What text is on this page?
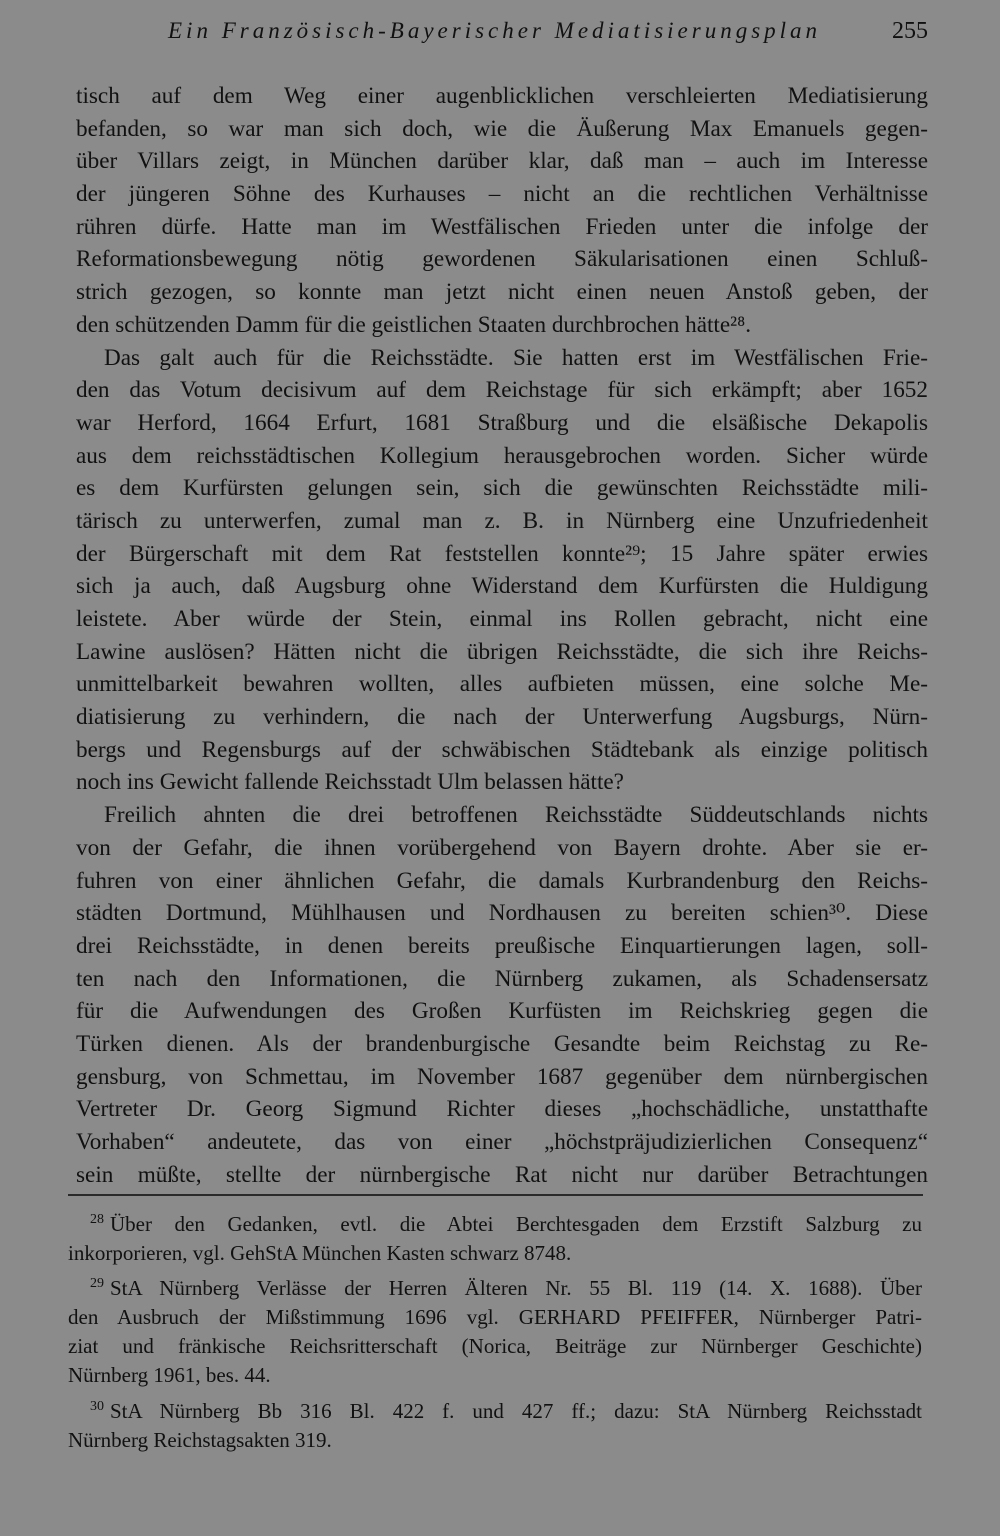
Ein Französisch-Bayerischer Mediatisierungsplan	255
tisch auf dem Weg einer augenblicklichen verschleierten Mediatisierung
befanden, so war man sich doch, wie die Äußerung Max Emanuels gegen-
über Villars zeigt, in München darüber klar, daß man – auch im Interesse
der jüngeren Söhne des Kurhauses – nicht an die rechtlichen Verhältnisse
rühren dürfe. Hatte man im Westfälischen Frieden unter die infolge der
Reformationsbewegung nötig gewordenen Säkularisationen einen Schluß-
strich gezogen, so konnte man jetzt nicht einen neuen Anstoß geben, der
den schützenden Damm für die geistlichen Staaten durchbrochen hätte²⁸.
Das galt auch für die Reichsstädte. Sie hatten erst im Westfälischen Frie-
den das Votum decisivum auf dem Reichstage für sich erkämpft; aber 1652
war Herford, 1664 Erfurt, 1681 Straßburg und die elsäßische Dekapolis
aus dem reichsstädtischen Kollegium herausgebrochen worden. Sicher würde
es dem Kurfürsten gelungen sein, sich die gewünschten Reichsstädte mili-
tärisch zu unterwerfen, zumal man z. B. in Nürnberg eine Unzufriedenheit
der Bürgerschaft mit dem Rat feststellen konnte²⁹; 15 Jahre später erwies
sich ja auch, daß Augsburg ohne Widerstand dem Kurfürsten die Huldigung
leistete. Aber würde der Stein, einmal ins Rollen gebracht, nicht eine
Lawine auslösen? Hätten nicht die übrigen Reichsstädte, die sich ihre Reichs-
unmittelbarkeit bewahren wollten, alles aufbieten müssen, eine solche Me-
diatisierung zu verhindern, die nach der Unterwerfung Augsburgs, Nürn-
bergs und Regensburgs auf der schwäbischen Städtebank als einzige politisch
noch ins Gewicht fallende Reichsstadt Ulm belassen hätte?
Freilich ahnten die drei betroffenen Reichsstädte Süddeutschlands nichts
von der Gefahr, die ihnen vorübergehend von Bayern drohte. Aber sie er-
fuhren von einer ähnlichen Gefahr, die damals Kurbrandenburg den Reichs-
städten Dortmund, Mühlhausen und Nordhausen zu bereiten schien³⁰. Diese
drei Reichsstädte, in denen bereits preußische Einquartierungen lagen, soll-
ten nach den Informationen, die Nürnberg zukamen, als Schadensersatz
für die Aufwendungen des Großen Kurfüsten im Reichskrieg gegen die
Türken dienen. Als der brandenburgische Gesandte beim Reichstag zu Re-
gensburg, von Schmettau, im November 1687 gegenüber dem nürnbergischen
Vertreter Dr. Georg Sigmund Richter dieses „hochschädliche, unstatthafte
Vorhaben“ andeutete, das von einer „höchstpräjudizierlichen Consequenz“
sein müßte, stellte der nürnbergische Rat nicht nur darüber Betrachtungen
$^{28}$ Über den Gedanken, evtl. die Abtei Berchtesgaden dem Erzstift Salzburg zu
inkorporieren, vgl. GehStA München Kasten schwarz 8748.
$^{29}$ StA Nürnberg Verlässe der Herren Älteren Nr. 55 Bl. 119 (14. X. 1688). Über
den Ausbruch der Mißstimmung 1696 vgl. GERHARD PFEIFFER, Nürnberger Patri-
ziat und fränkische Reichsritterschaft (Norica, Beiträge zur Nürnberger Geschichte)
Nürnberg 1961, bes. 44.
$^{30}$ StA Nürnberg Bb 316 Bl. 422 f. und 427 ff.; dazu: StA Nürnberg Reichsstadt
Nürnberg Reichstagsakten 319.
